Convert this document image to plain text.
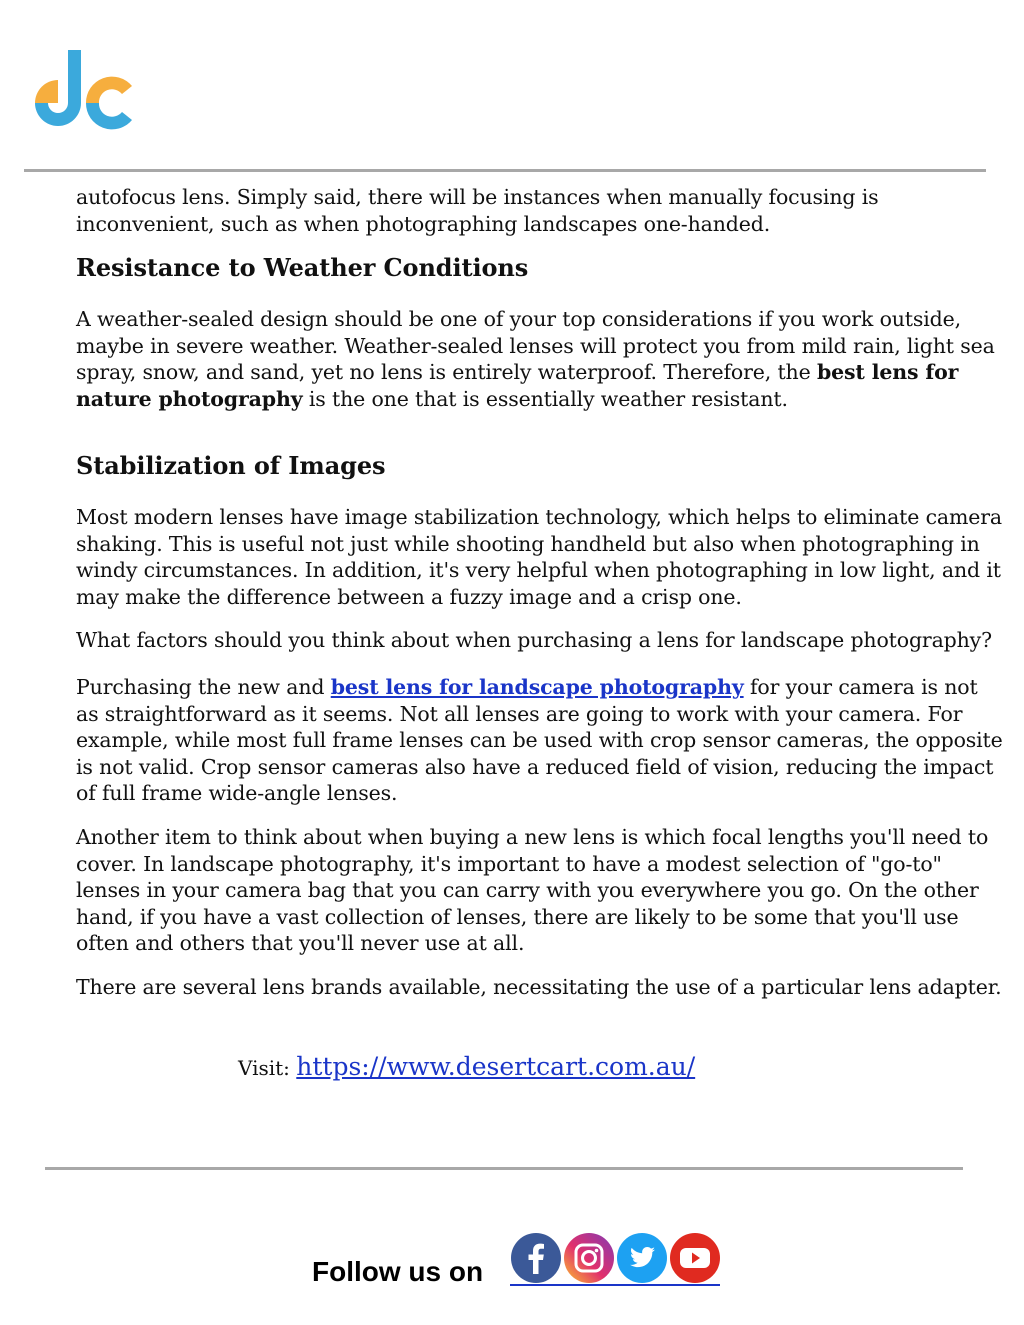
autofocus lens. Simply said, there will be instances when manually focusing is inconvenient, such as when photographing landscapes one-handed.

Resistance to Weather Conditions

A weather-sealed design should be one of your top considerations if you work outside, maybe in severe weather. Weather-sealed lenses will protect you from mild rain, light sea spray, snow, and sand, yet no lens is entirely waterproof. Therefore, the best lens for nature photography is the one that is essentially weather resistant.

Stabilization of Images

Most modern lenses have image stabilization technology, which helps to eliminate camera shaking. This is useful not just while shooting handheld but also when photographing in windy circumstances. In addition, it's very helpful when photographing in low light, and it may make the difference between a fuzzy image and a crisp one.

What factors should you think about when purchasing a lens for landscape photography?

Purchasing the new and best lens for landscape photography for your camera is not as straightforward as it seems. Not all lenses are going to work with your camera. For example, while most full frame lenses can be used with crop sensor cameras, the opposite is not valid. Crop sensor cameras also have a reduced field of vision, reducing the impact of full frame wide-angle lenses.

Another item to think about when buying a new lens is which focal lengths you'll need to cover. In landscape photography, it's important to have a modest selection of "go-to" lenses in your camera bag that you can carry with you everywhere you go. On the other hand, if you have a vast collection of lenses, there are likely to be some that you'll use often and others that you'll never use at all.

There are several lens brands available, necessitating the use of a particular lens adapter.

Visit: https://www.desertcart.com.au/
Follow us on
